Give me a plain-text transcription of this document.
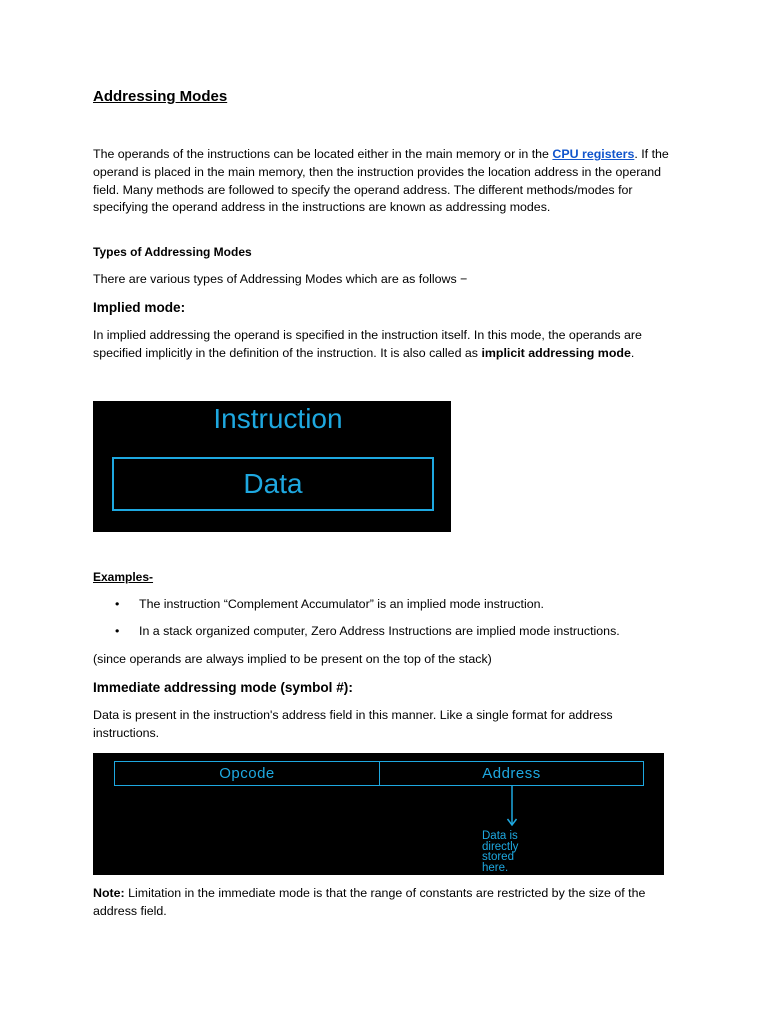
Addressing Modes

The operands of the instructions can be located either in the main memory or in the CPU registers. If the operand is placed in the main memory, then the instruction provides the location address in the operand field. Many methods are followed to specify the operand address. The different methods/modes for specifying the operand address in the instructions are known as addressing modes.

Types of Addressing Modes

There are various types of Addressing Modes which are as follows −

Implied mode:

In implied addressing the operand is specified in the instruction itself. In this mode, the operands are specified implicitly in the definition of the instruction. It is also called as implicit addressing mode.

Instruction
Data

Examples-

• The instruction “Complement Accumulator” is an implied mode instruction.
• In a stack organized computer, Zero Address Instructions are implied mode instructions.

(since operands are always implied to be present on the top of the stack)

Immediate addressing mode (symbol #):

Data is present in the instruction's address field in this manner. Like a single format for address instructions.

Opcode	Address
Data is
directly
stored
here.

Note: Limitation in the immediate mode is that the range of constants are restricted by the size of the address field.
